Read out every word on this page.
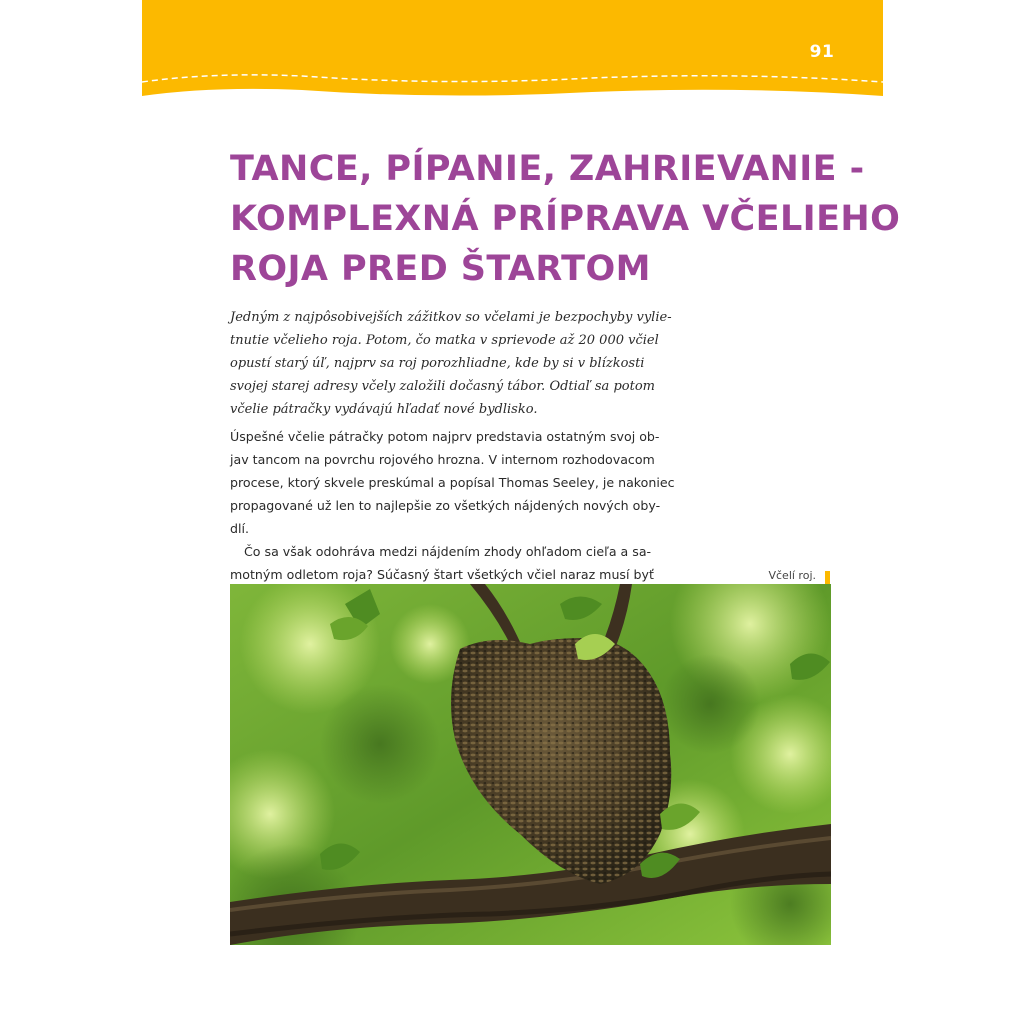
91
TANCE, PÍPANIE, ZAHRIEVANIE -
KOMPLEXNÁ PRÍPRAVA VČELIEHO
ROJA PRED ŠTARTOM
Jedným z najpôsobivejších zážitkov so včelami je bezpochyby vylie-
tnutie včelieho roja. Potom, čo matka v sprievode až 20 000 včiel
opustí starý úľ, najprv sa roj porozhliadne, kde by si v blízkosti
svojej starej adresy včely založili dočasný tábor. Odtiaľ sa potom
včelie pátračky vydávajú hľadať nové bydlisko.
Úspešné včelie pátračky potom najprv predstavia ostatným svoj ob-
jav tancom na povrchu rojového hrozna. V internom rozhodovacom
procese, ktorý skvele preskúmal a popísal Thomas Seeley, je nakoniec
propagované už len to najlepšie zo všetkých nájdených nových oby-
dlí.
Čo sa však odohráva medzi nájdením zhody ohľadom cieľa a sa-
motným odletom roja? Súčasný štart všetkých včiel naraz musí byť	Včelí roj.
